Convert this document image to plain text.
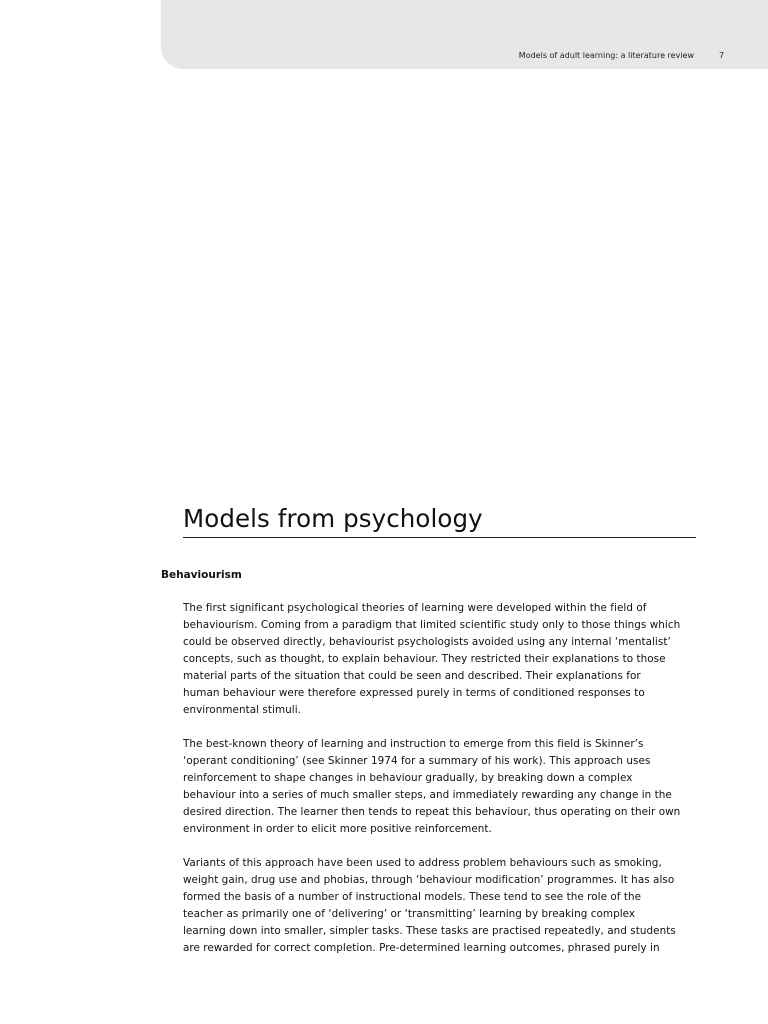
Models of adult learning: a literature review	7
Models from psychology
Behaviourism

The first significant psychological theories of learning were developed within the field of
behaviourism. Coming from a paradigm that limited scientific study only to those things which
could be observed directly, behaviourist psychologists avoided using any internal ‘mentalist’
concepts, such as thought, to explain behaviour. They restricted their explanations to those
material parts of the situation that could be seen and described. Their explanations for
human behaviour were therefore expressed purely in terms of conditioned responses to
environmental stimuli.

The best-known theory of learning and instruction to emerge from this field is Skinner’s
‘operant conditioning’ (see Skinner 1974 for a summary of his work). This approach uses
reinforcement to shape changes in behaviour gradually, by breaking down a complex
behaviour into a series of much smaller steps, and immediately rewarding any change in the
desired direction. The learner then tends to repeat this behaviour, thus operating on their own
environment in order to elicit more positive reinforcement.

Variants of this approach have been used to address problem behaviours such as smoking,
weight gain, drug use and phobias, through ‘behaviour modification’ programmes. It has also
formed the basis of a number of instructional models. These tend to see the role of the
teacher as primarily one of ‘delivering’ or ‘transmitting’ learning by breaking complex
learning down into smaller, simpler tasks. These tasks are practised repeatedly, and students
are rewarded for correct completion. Pre-determined learning outcomes, phrased purely in
